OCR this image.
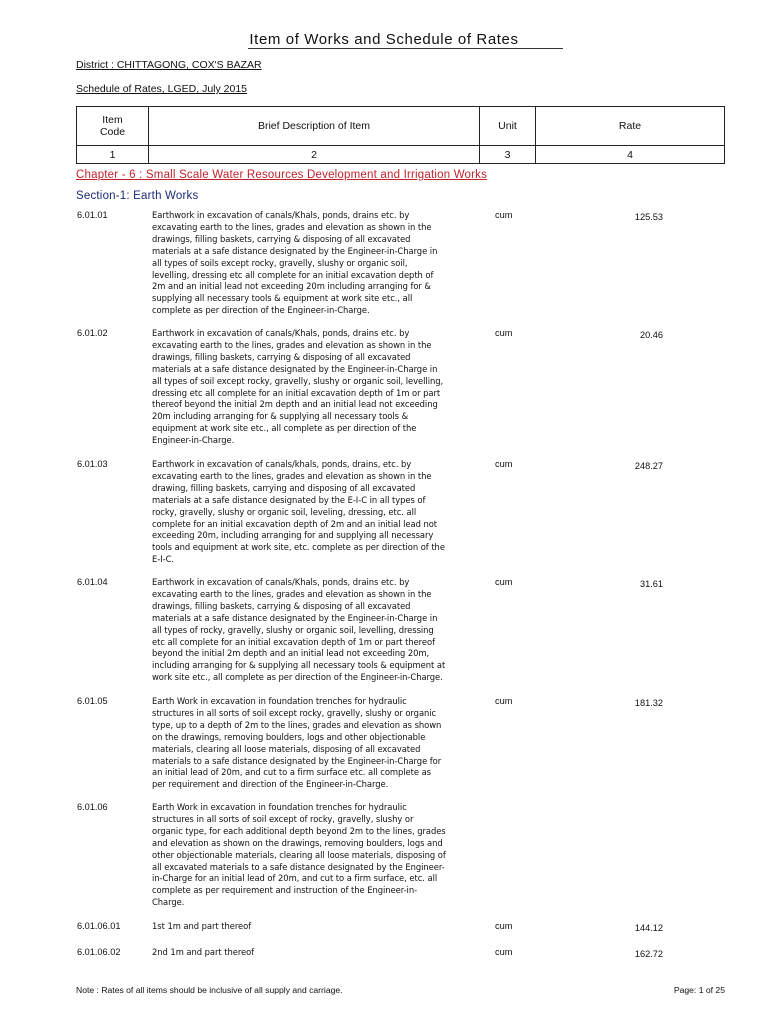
Item of Works and Schedule of Rates
District : CHITTAGONG, COX'S BAZAR
Schedule of Rates, LGED, July 2015
Item
Code	Brief Description of Item	Unit	Rate
1	2	3	4
Chapter - 6 : Small Scale Water Resources Development and Irrigation Works
Section-1: Earth Works
6.01.01	Earthwork in excavation of canals/Khals, ponds, drains etc. by
excavating earth to the lines, grades and elevation as shown in the
drawings, filling baskets, carrying & disposing of all excavated
materials at a safe distance designated by the Engineer-in-Charge in
all types of soils except rocky, gravelly, slushy or organic soil,
levelling, dressing etc all complete for an initial excavation depth of
2m and an initial lead not exceeding 20m including arranging for &
supplying all necessary tools & equipment at work site etc., all
complete as per direction of the Engineer-in-Charge.
cum	125.53
6.01.02	Earthwork in excavation of canals/Khals, ponds, drains etc. by
excavating earth to the lines, grades and elevation as shown in the
drawings, filling baskets, carrying & disposing of all excavated
materials at a safe distance designated by the Engineer-in-Charge in
all types of soil except rocky, gravelly, slushy or organic soil, levelling,
dressing etc all complete for an initial excavation depth of 1m or part
thereof beyond the initial 2m depth and an initial lead not exceeding
20m including arranging for & supplying all necessary tools &
equipment at work site etc., all complete as per direction of the
Engineer-in-Charge.
cum	20.46
6.01.03	Earthwork in excavation of canals/khals, ponds, drains, etc. by
excavating earth to the lines, grades and elevation as shown in the
drawing, filling baskets, carrying and disposing of all excavated
materials at a safe distance designated by the E-I-C in all types of
rocky, gravelly, slushy or organic soil, leveling, dressing, etc. all
complete for an initial excavation depth of 2m and an initial lead not
exceeding 20m, including arranging for and supplying all necessary
tools and equipment at work site, etc. complete as per direction of the
E-I-C.
cum	248.27
6.01.04	Earthwork in excavation of canals/Khals, ponds, drains etc. by
excavating earth to the lines, grades and elevation as shown in the
drawings, filling baskets, carrying & disposing of all excavated
materials at a safe distance designated by the Engineer-in-Charge in
all types of rocky, gravelly, slushy or organic soil, levelling, dressing
etc all complete for an initial excavation depth of 1m or part thereof
beyond the initial 2m depth and an initial lead not exceeding 20m,
including arranging for & supplying all necessary tools & equipment at
work site etc., all complete as per direction of the Engineer-in-Charge.
cum	31.61
6.01.05	Earth Work in excavation in foundation trenches for hydraulic
structures in all sorts of soil except rocky, gravelly, slushy or organic
type, up to a depth of 2m to the lines, grades and elevation as shown
on the drawings, removing boulders, logs and other objectionable
materials, clearing all loose materials, disposing of all excavated
materials to a safe distance designated by the Engineer-in-Charge for
an initial lead of 20m, and cut to a firm surface etc. all complete as
per requirement and direction of the Engineer-in-Charge.
cum	181.32
6.01.06	Earth Work in excavation in foundation trenches for hydraulic
structures in all sorts of soil except of rocky, gravelly, slushy or
organic type, for each additional depth beyond 2m to the lines, grades
and elevation as shown on the drawings, removing boulders, logs and
other objectionable materials, clearing all loose materials, disposing of
all excavated materials to a safe distance designated by the Engineer-
in-Charge for an initial lead of 20m, and cut to a firm surface, etc. all
complete as per requirement and instruction of the Engineer-in-
Charge.
6.01.06.01	1st 1m and part thereof	cum	144.12
6.01.06.02	2nd 1m and part thereof	cum	162.72
Note : Rates of all items should be inclusive of all supply and carriage.	Page: 1 of 25
